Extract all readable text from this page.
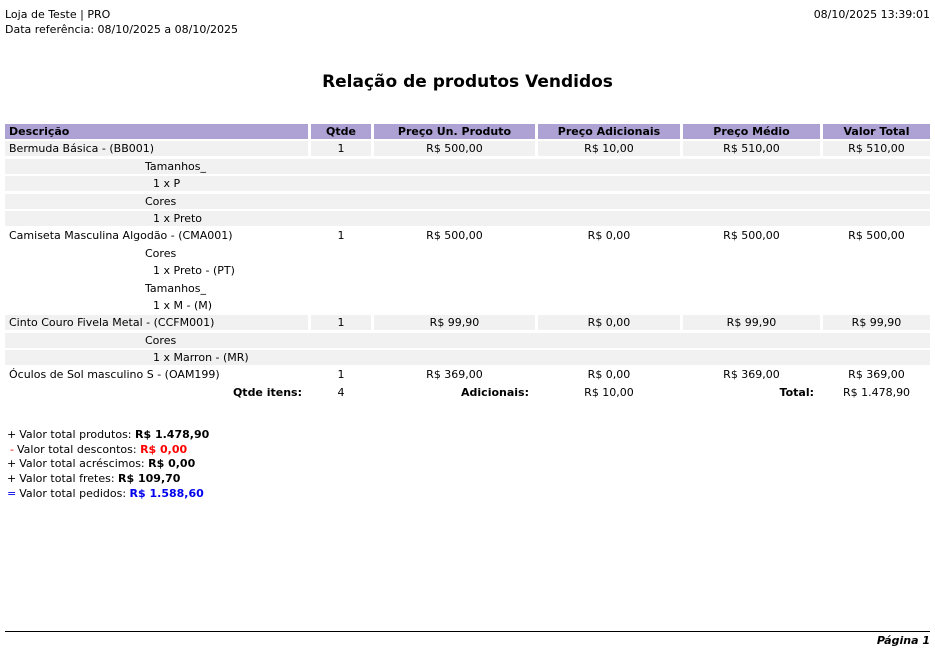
Loja de Teste | PRO
Data referência: 08/10/2025 a 08/10/2025
08/10/2025 13:39:01
Relação de produtos Vendidos
Descrição	Qtde	Preço Un. Produto	Preço Adicionais	Preço Médio	Valor Total
Bermuda Básica - (BB001)	1	R$ 500,00	R$ 10,00	R$ 510,00	R$ 510,00
Tamanhos_
1 x P
Cores
1 x Preto
Camiseta Masculina Algodão - (CMA001)	1	R$ 500,00	R$ 0,00	R$ 500,00	R$ 500,00
Cores
1 x Preto - (PT)
Tamanhos_
1 x M - (M)
Cinto Couro Fivela Metal - (CCFM001)	1	R$ 99,90	R$ 0,00	R$ 99,90	R$ 99,90
Cores
1 x Marron - (MR)
Óculos de Sol masculino S - (OAM199)	1	R$ 369,00	R$ 0,00	R$ 369,00	R$ 369,00
Qtde itens:	4	Adicionais:	R$ 10,00	Total:	R$ 1.478,90
+ Valor total produtos: R$ 1.478,90
- Valor total descontos: R$ 0,00
+ Valor total acréscimos: R$ 0,00
+ Valor total fretes: R$ 109,70
= Valor total pedidos: R$ 1.588,60
Página 1
